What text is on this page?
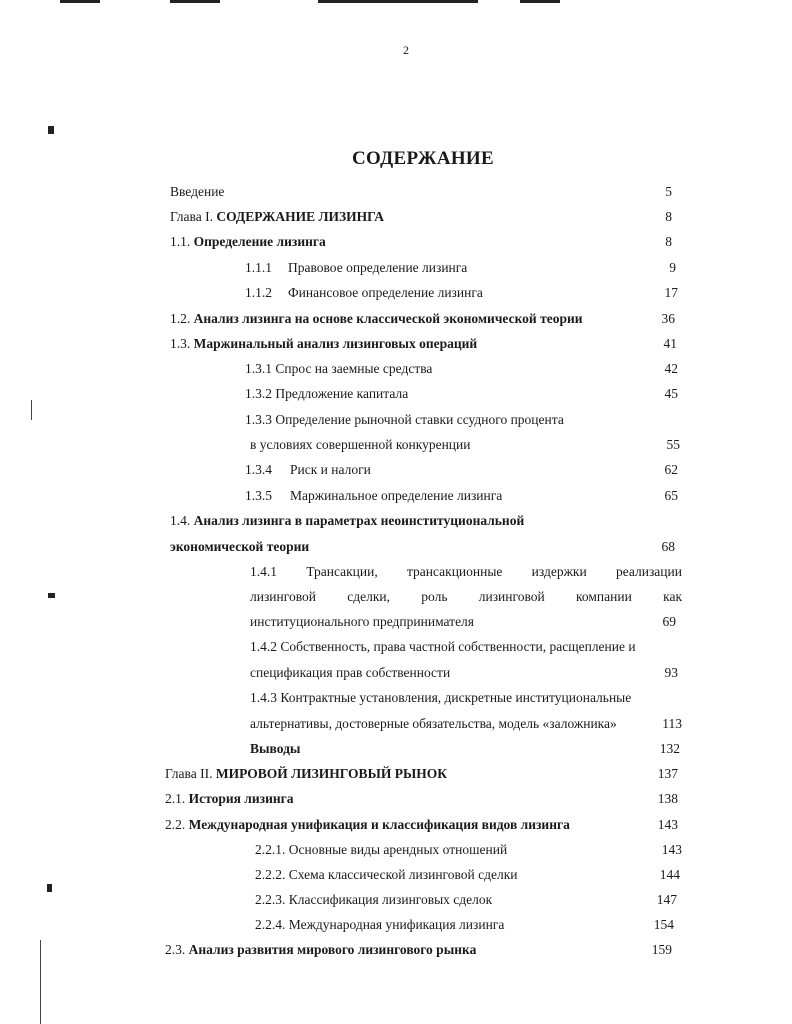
2
СОДЕРЖАНИЕ
Введение	5
Глава I. СОДЕРЖАНИЕ ЛИЗИНГА	8
1.1. Определение лизинга	8
1.1.1 Правовое определение лизинга	9
1.1.2 Финансовое определение лизинга	17
1.2. Анализ лизинга на основе классической экономической теории	36
1.3. Маржинальный анализ лизинговых операций	41
1.3.1 Спрос на заемные средства	42
1.3.2 Предложение капитала	45
1.3.3 Определение рыночной ставки ссудного процента
в условиях совершенной конкуренции	55
1.3.4 Риск и налоги	62
1.3.5 Маржинальное определение лизинга	65
1.4. Анализ лизинга в параметрах неоинституциональной
экономической теории	68
1.4.1 Трансакции, трансакционные издержки реализации
лизинговой сделки, роль лизинговой компании как
институционального предпринимателя	69
1.4.2 Собственность, права частной собственности, расщепление и
спецификация прав собственности	93
1.4.3 Контрактные установления, дискретные институциональные
альтернативы, достоверные обязательства, модель «заложника»	113
Выводы	132
Глава II. МИРОВОЙ ЛИЗИНГОВЫЙ РЫНОК	137
2.1. История лизинга	138
2.2. Международная унификация и классификация видов лизинга	143
2.2.1. Основные виды арендных отношений	143
2.2.2. Схема классической лизинговой сделки	144
2.2.3. Классификация лизинговых сделок	147
2.2.4. Международная унификация лизинга	154
2.3. Анализ развития мирового лизингового рынка	159
